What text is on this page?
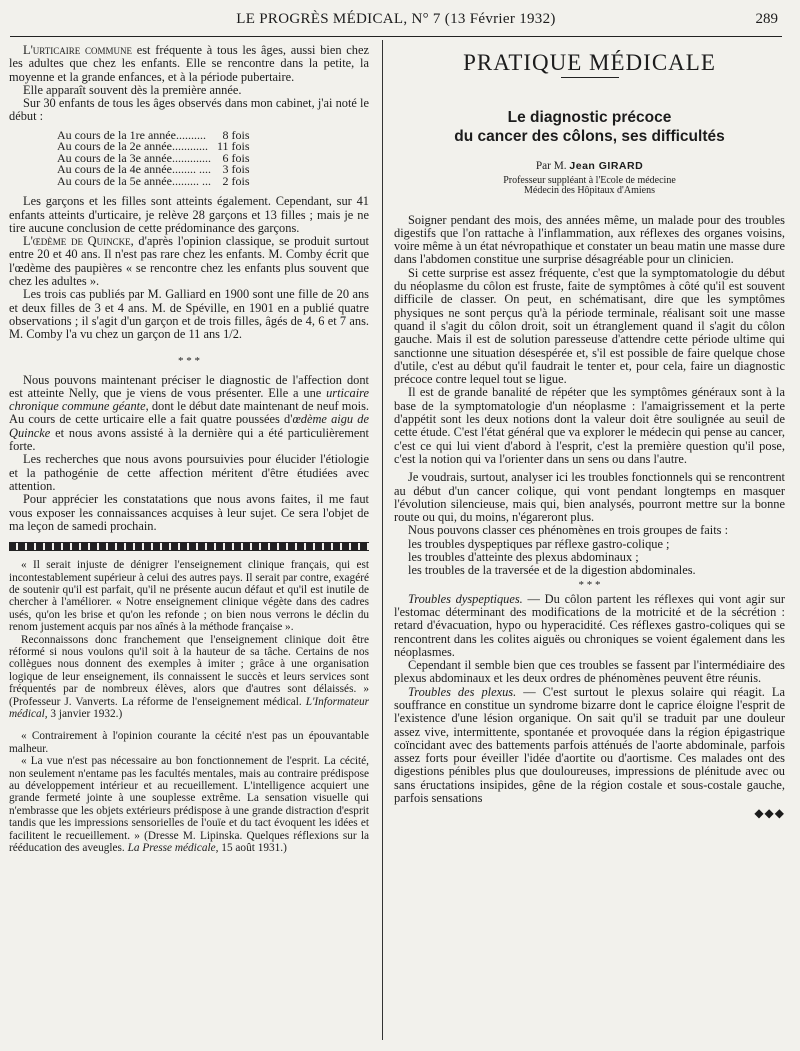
LE PROGRÈS MÉDICAL, N° 7 (13 Février 1932)	289

L'urticaire commune est fréquente à tous les âges, aussi bien chez les adultes que chez les enfants. Elle se rencontre dans la petite, la moyenne et la grande enfances, et à la période pubertaire.

Elle apparaît souvent dès la première année.

Sur 30 enfants de tous les âges observés dans mon cabinet, j'ai noté le début :

Au cours de la 1re année..........	8 fois
Au cours de la 2e année............	11 fois
Au cours de la 3e année.............	6 fois
Au cours de la 4e année........ ....	3 fois
Au cours de la 5e année......... ...	2 fois

Les garçons et les filles sont atteints également. Cependant, sur 41 enfants atteints d'urticaire, je relève 28 garçons et 13 filles ; mais je ne tire aucune conclusion de cette prédominance des garçons.

L'œdème de Quincke, d'après l'opinion classique, se produit surtout entre 20 et 40 ans. Il n'est pas rare chez les enfants. M. Comby écrit que l'œdème des paupières « se rencontre chez les enfants plus souvent que chez les adultes ».

Les trois cas publiés par M. Galliard en 1900 sont une fille de 20 ans et deux filles de 3 et 4 ans. M. de Spéville, en 1901 en a publié quatre observations ; il s'agit d'un garçon et de trois filles, âgés de 4, 6 et 7 ans. M. Comby l'a vu chez un garçon de 11 ans 1/2.

* * *

Nous pouvons maintenant préciser le diagnostic de l'affection dont est atteinte Nelly, que je viens de vous présenter. Elle a une urticaire chronique commune géante, dont le début date maintenant de neuf mois. Au cours de cette urticaire elle a fait quatre poussées d'œdème aigu de Quincke et nous avons assisté à la dernière qui a été particulièrement forte.

Les recherches que nous avons poursuivies pour élucider l'étiologie et la pathogénie de cette affection méritent d'être étudiées avec attention.

Pour apprécier les constatations que nous avons faites, il me faut vous exposer les connaissances acquises à leur sujet. Ce sera l'objet de ma leçon de samedi prochain.

« Il serait injuste de dénigrer l'enseignement clinique français, qui est incontestablement supérieur à celui des autres pays. Il serait par contre, exagéré de soutenir qu'il est parfait, qu'il ne présente aucun défaut et qu'il est inutile de chercher à l'améliorer. « Notre enseignement clinique végète dans des cadres usés, qu'on les brise et qu'on les refonde ; on bien nous verrons le déclin du renom justement acquis par nos aînés à la méthode française ».

Reconnaissons donc franchement que l'enseignement clinique doit être réformé si nous voulons qu'il soit à la hauteur de sa tâche. Certains de nos collègues nous donnent des exemples à imiter ; grâce à une organisation logique de leur enseignement, ils connaissent le succès et leurs services sont fréquentés par de nombreux élèves, alors que d'autres sont délaissés. » (Professeur J. Vanverts. La réforme de l'enseignement médical. L'Informateur médical, 3 janvier 1932.)

« Contrairement à l'opinion courante la cécité n'est pas un épouvantable malheur.

« La vue n'est pas nécessaire au bon fonctionnement de l'esprit. La cécité, non seulement n'entame pas les facultés mentales, mais au contraire prédispose au développement intérieur et au recueillement. L'intelligence acquiert une grande fermeté jointe à une souplesse extrême. La sensation visuelle qui n'embrasse que les objets extérieurs prédispose à une grande distraction d'esprit tandis que les impressions sensorielles de l'ouïe et du tact évoquent les idées et facilitent le recueillement. » (Dresse M. Lipinska. Quelques réflexions sur la rééducation des aveugles. La Presse médicale, 15 août 1931.)

PRATIQUE MÉDICALE
Le diagnostic précoce
du cancer des côlons, ses difficultés
Par M. Jean GIRARD
Professeur suppléant à l'Ecole de médecine
Médecin des Hôpitaux d'Amiens

Soigner pendant des mois, des années même, un malade pour des troubles digestifs que l'on rattache à l'inflammation, aux réflexes des organes voisins, voire même à un état névropathique et constater un beau matin une masse dure dans l'abdomen constitue une surprise désagréable pour un clinicien.

Si cette surprise est assez fréquente, c'est que la symptomatologie du début du néoplasme du côlon est fruste, faite de symptômes à côté qu'il est souvent difficile de classer. On peut, en schématisant, dire que les symptômes physiques ne sont perçus qu'à la période terminale, réalisant soit une masse quand il s'agit du côlon droit, soit un étranglement quand il s'agit du côlon gauche. Mais il est de solution paresseuse d'attendre cette période ultime qui sanctionne une situation désespérée et, s'il est possible de faire quelque chose d'utile, c'est au début qu'il faudrait le tenter et, pour cela, faire un diagnostic précoce contre lequel tout se ligue.

Il est de grande banalité de répéter que les symptômes généraux sont à la base de la symptomatologie d'un néoplasme : l'amaigrissement et la perte d'appétit sont les deux notions dont la valeur doit être soulignée au seuil de cette étude. C'est l'état général que va explorer le médecin qui pense au cancer, c'est ce qui lui vient d'abord à l'esprit, c'est la première question qu'il pose, c'est la notion qui va l'orienter dans un sens ou dans l'autre.

Je voudrais, surtout, analyser ici les troubles fonctionnels qui se rencontrent au début d'un cancer colique, qui vont pendant longtemps en masquer l'évolution silencieuse, mais qui, bien analysés, pourront mettre sur la bonne route ou qui, du moins, n'égareront plus.

Nous pouvons classer ces phénomènes en trois groupes de faits :

les troubles dyspeptiques par réflexe gastro-colique ;

les troubles d'atteinte des plexus abdominaux ;

les troubles de la traversée et de la digestion abdominales.

* * *

Troubles dyspeptiques. — Du côlon partent les réflexes qui vont agir sur l'estomac déterminant des modifications de la motricité et de la sécrétion : retard d'évacuation, hypo ou hyperacidité. Ces réflexes gastro-coliques qui se rencontrent dans les colites aiguës ou chroniques se voient également dans les néoplasmes.

Cependant il semble bien que ces troubles se fassent par l'intermédiaire des plexus abdominaux et les deux ordres de phénomènes peuvent être réunis.

Troubles des plexus. — C'est surtout le plexus solaire qui réagit. La souffrance en constitue un syndrome bizarre dont le caprice éloigne l'esprit de l'existence d'une lésion organique. On sait qu'il se traduit par une douleur assez vive, intermittente, spontanée et provoquée dans la région épigastrique coïncidant avec des battements parfois atténués de l'aorte abdominale, parfois assez forts pour éveiller l'idée d'aortite ou d'aortisme. Ces malades ont des digestions pénibles plus que douloureuses, impressions de plénitude avec ou sans éructations insipides, gêne de la région costale et sous-costale gauche, parfois sensations

◆◆◆
